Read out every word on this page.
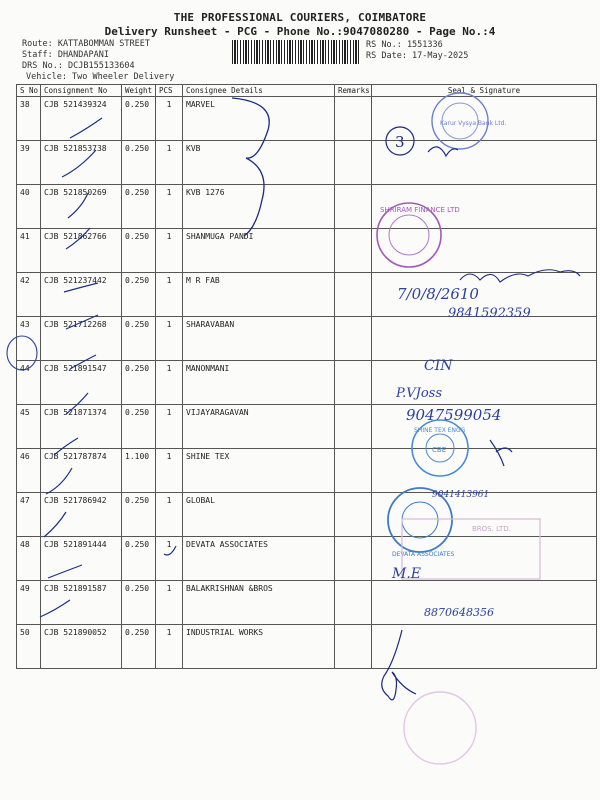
THE PROFESSIONAL COURIERS, COIMBATORE
Delivery Runsheet - PCG - Phone No.:9047080280 - Page No.:4
Route: KATTABOMMAN STREET
Staff: DHANDAPANI
DRS No.: DCJB155133604
Vehicle: Two Wheeler Delivery
RS No.: 1551336
RS Date: 17-May-2025
S No	Consignment No	Weight	PCS	Consignee Details	Remarks	Seal & Signature
38	CJB 521439324	0.250	1	MARVEL		
39	CJB 521853738	0.250	1	KVB		
40	CJB 521850269	0.250	1	KVB 1276		
41	CJB 521862766	0.250	1	SHANMUGA PANDI		
42	CJB 521237442	0.250	1	M R FAB		
43	CJB 521712268	0.250	1	SHARAVABAN		
44	CJB 521891547	0.250	1	MANONMANI		
45	CJB 521871374	0.250	1	VIJAYARAGAVAN		
46	CJB 521787874	1.100	1	SHINE TEX		
47	CJB 521786942	0.250	1	GLOBAL		
48	CJB 521891444	0.250	1	DEVATA ASSOCIATES		
49	CJB 521891587	0.250	1	BALAKRISHNAN &BROS		
50	CJB 521890052	0.250	1	INDUSTRIAL WORKS		
Karur Vysya Bank Ltd.
3
SHRIRAM FINANCE LTD
SHINE TEX ENGG
CBE
DEVATA ASSOCIATES
BROS. LTD.
7/0/8/2610
9841592359
CIN
P.VJoss
9047599054
9041413961
M.E
8870648356
